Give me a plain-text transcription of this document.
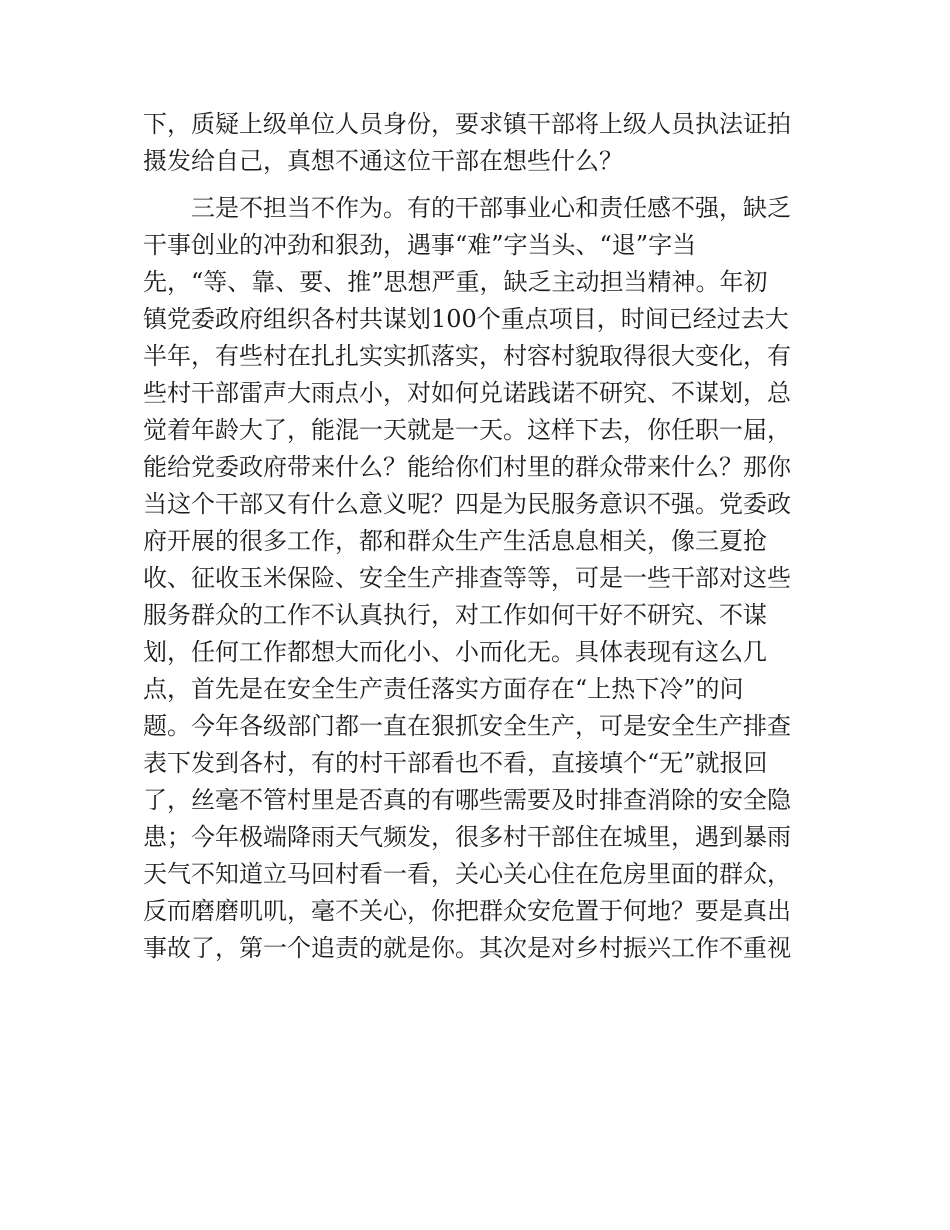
下，质疑上级单位人员身份，要求镇干部将上级人员执法证拍
摄发给自己，真想不通这位干部在想些什么？
三是不担当不作为。有的干部事业心和责任感不强，缺乏
干事创业的冲劲和狠劲，遇事“难”字当头、“退”字当
先，“等、靠、要、推”思想严重，缺乏主动担当精神。年初
镇党委政府组织各村共谋划100个重点项目，时间已经过去大
半年，有些村在扎扎实实抓落实，村容村貌取得很大变化，有
些村干部雷声大雨点小，对如何兑诺践诺不研究、不谋划，总
觉着年龄大了，能混一天就是一天。这样下去，你任职一届，
能给党委政府带来什么？能给你们村里的群众带来什么？那你
当这个干部又有什么意义呢？四是为民服务意识不强。党委政
府开展的很多工作，都和群众生产生活息息相关，像三夏抢
收、征收玉米保险、安全生产排查等等，可是一些干部对这些
服务群众的工作不认真执行，对工作如何干好不研究、不谋
划，任何工作都想大而化小、小而化无。具体表现有这么几
点，首先是在安全生产责任落实方面存在“上热下冷”的问
题。今年各级部门都一直在狠抓安全生产，可是安全生产排查
表下发到各村，有的村干部看也不看，直接填个“无”就报回
了，丝毫不管村里是否真的有哪些需要及时排查消除的安全隐
患；今年极端降雨天气频发，很多村干部住在城里，遇到暴雨
天气不知道立马回村看一看，关心关心住在危房里面的群众，
反而磨磨叽叽，毫不关心，你把群众安危置于何地？要是真出
事故了，第一个追责的就是你。其次是对乡村振兴工作不重视
